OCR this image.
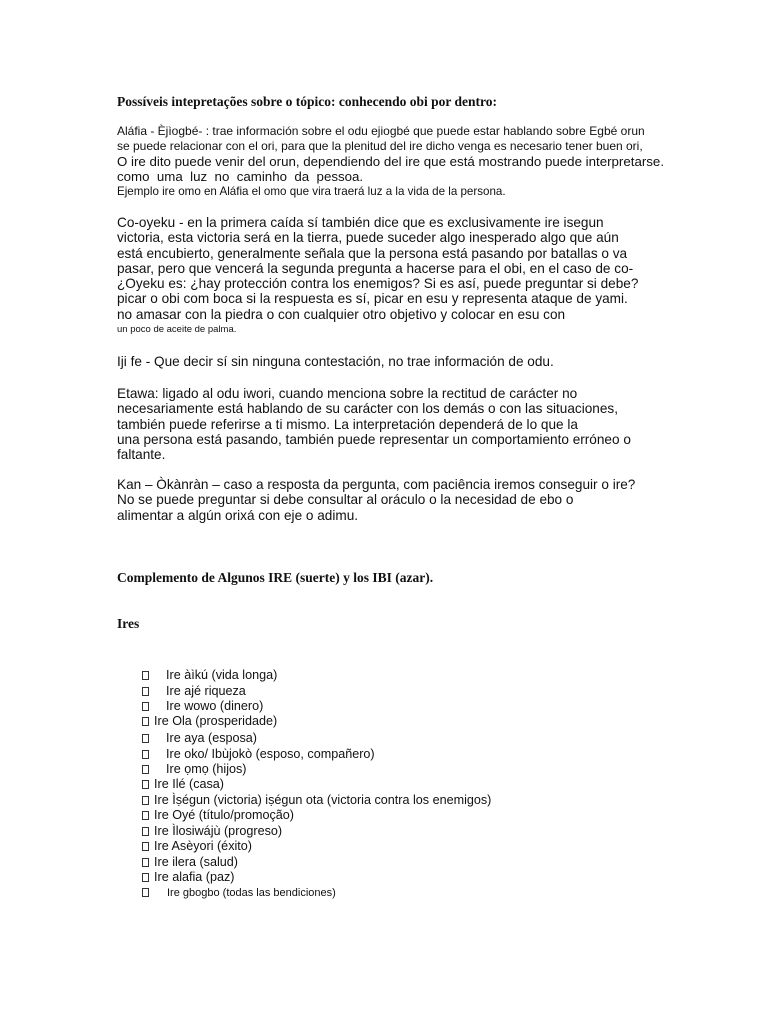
Possíveis intepretações sobre o tópico: conhecendo obi por dentro:
Aláfia - Èjìogbé- : trae información sobre el odu ejiogbé que puede estar hablando sobre Egbé orun
se puede relacionar con el ori, para que la plenitud del ire dicho venga es necesario tener buen ori,
O ire dito puede venir del orun, dependiendo del ire que está mostrando puede interpretarse.
como  uma  luz  no  caminho  da  pessoa.
Ejemplo ire omo en Aláfia el omo que vira traerá luz a la vida de la persona.
Co-oyeku - en la primera caída sí también dice que es exclusivamente ire isegun
victoria, esta victoria será en la tierra, puede suceder algo inesperado algo que aún
está encubierto, generalmente señala que la persona está pasando por batallas o va
pasar, pero que vencerá la segunda pregunta a hacerse para el obi, en el caso de co-
¿Oyeku es: ¿hay protección contra los enemigos? Si es así, puede preguntar si debe?
picar o obi com boca si la respuesta es sí, picar en esu y representa ataque de yami.
no amasar con la piedra o con cualquier otro objetivo y colocar en esu con
un poco de aceite de palma.
Iji fe - Que decir sí sin ninguna contestación, no trae información de odu.
Etawa: ligado al odu iwori, cuando menciona sobre la rectitud de carácter no
necesariamente está hablando de su carácter con los demás o con las situaciones,
también puede referirse a ti mismo. La interpretación dependerá de lo que la
una persona está pasando, también puede representar un comportamiento erróneo o
faltante.
Kan – Òkànràn – caso a resposta da pergunta, com paciência iremos conseguir o ire?
No se puede preguntar si debe consultar al oráculo o la necesidad de ebo o
alimentar a algún orixá con eje o adimu.
Complemento de Algunos IRE (suerte) y los IBI (azar).
Ires
Ire àìkú (vida longa)
Ire ajé riqueza
Ire wowo (dinero)
Ire Ola (prosperidade)
Ire aya (esposa)
Ire oko/ Ibùjokò (esposo, compañero)
Ire ọmọ (hijos)
Ire Ilé (casa)
Ire Ìṣégun (victoria) iṣégun ota (victoria contra los enemigos)
Ire Oyé (título/promoção)
Ire Ìlosiwájù (progreso)
Ire Asèyori (éxito)
Ire ilera (salud)
Ire alafia (paz)
Ire gbogbo (todas las bendiciones)
